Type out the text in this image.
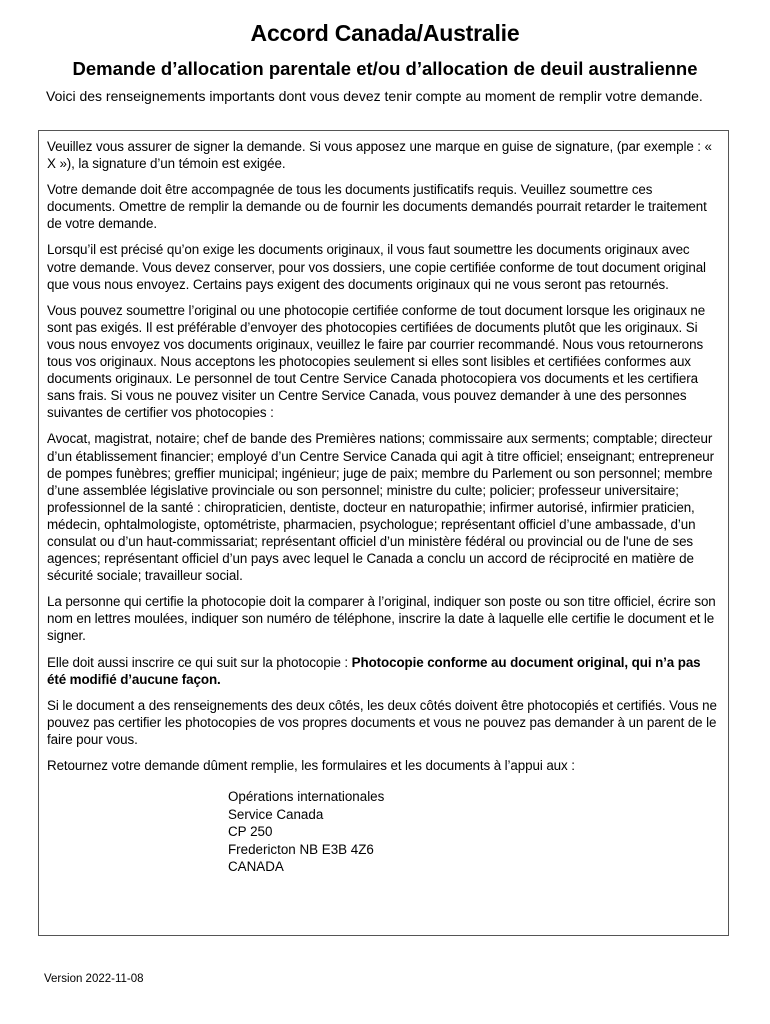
Accord Canada/Australie
Demande d’allocation parentale et/ou d’allocation de deuil australienne

Voici des renseignements importants dont vous devez tenir compte au moment de remplir votre demande.

Veuillez vous assurer de signer la demande. Si vous apposez une marque en guise de signature, (par exemple : « X »), la signature d’un témoin est exigée.

Votre demande doit être accompagnée de tous les documents justificatifs requis. Veuillez soumettre ces documents. Omettre de remplir la demande ou de fournir les documents demandés pourrait retarder le traitement de votre demande.

Lorsqu’il est précisé qu’on exige les documents originaux, il vous faut soumettre les documents originaux avec votre demande. Vous devez conserver, pour vos dossiers, une copie certifiée conforme de tout document original que vous nous envoyez. Certains pays exigent des documents originaux qui ne vous seront pas retournés.

Vous pouvez soumettre l’original ou une photocopie certifiée conforme de tout document lorsque les originaux ne sont pas exigés. Il est préférable d’envoyer des photocopies certifiées de documents plutôt que les originaux. Si vous nous envoyez vos documents originaux, veuillez le faire par courrier recommandé. Nous vous retournerons tous vos originaux. Nous acceptons les photocopies seulement si elles sont lisibles et certifiées conformes aux documents originaux. Le personnel de tout Centre Service Canada photocopiera vos documents et les certifiera sans frais. Si vous ne pouvez visiter un Centre Service Canada, vous pouvez demander à une des personnes suivantes de certifier vos photocopies :

Avocat, magistrat, notaire; chef de bande des Premières nations; commissaire aux serments; comptable; directeur d’un établissement financier; employé d’un Centre Service Canada qui agit à titre officiel; enseignant; entrepreneur de pompes funèbres; greffier municipal; ingénieur; juge de paix; membre du Parlement ou son personnel; membre d’une assemblée législative provinciale ou son personnel; ministre du culte; policier; professeur universitaire; professionnel de la santé : chiropraticien, dentiste, docteur en naturopathie; infirmer autorisé, infirmier praticien, médecin, ophtalmologiste, optométriste, pharmacien, psychologue; représentant officiel d’une ambassade, d’un consulat ou d’un haut-commissariat; représentant officiel d’un ministère fédéral ou provincial ou de l'une de ses agences; représentant officiel d’un pays avec lequel le Canada a conclu un accord de réciprocité en matière de sécurité sociale; travailleur social.

La personne qui certifie la photocopie doit la comparer à l’original, indiquer son poste ou son titre officiel, écrire son nom en lettres moulées, indiquer son numéro de téléphone, inscrire la date à laquelle elle certifie le document et le signer.

Elle doit aussi inscrire ce qui suit sur la photocopie : Photocopie conforme au document original, qui n’a pas été modifié d’aucune façon.

Si le document a des renseignements des deux côtés, les deux côtés doivent être photocopiés et certifiés. Vous ne pouvez pas certifier les photocopies de vos propres documents et vous ne pouvez pas demander à un parent de le faire pour vous.

Retournez votre demande dûment remplie, les formulaires et les documents à l’appui aux :

Opérations internationales
Service Canada
CP 250
Fredericton NB E3B 4Z6
CANADA

Version 2022-11-08
